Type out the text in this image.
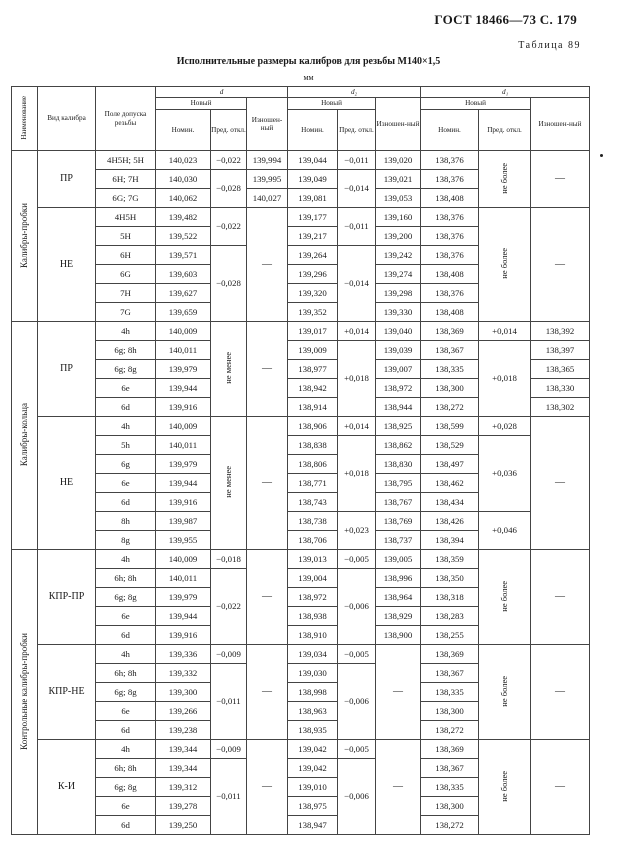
ГОСТ 18466—73 С. 179
Таблица 89
Исполнительные размеры калибров для резьбы М140×1,5
мм
Наименование	Вид калибра	Поле допуска резьбы	d			d₂			d₁		
			Новый		Изношен-ный	Новый		Изношен-ный	Новый		Изношен-ный
			Номин.	Пред. откл.		Номин.	Пред. откл.		Номин.	Пред. откл.	
Калибры-пробки	ПР	4H5H; 5H	140,023	−0,022	139,994	139,044	−0,011	139,020	138,376	не более	—
		6H; 7H	140,030	−0,028	139,995	139,049	−0,014	139,021	138,376		
		6G; 7G	140,062		140,027	139,081		139,053	138,408		
	НЕ	4H5H	139,482	−0,022	—	139,177	−0,011	139,160	138,376	не более	—
		5H	139,522			139,217		139,200	138,376		
		6H	139,571	−0,028		139,264	−0,014	139,242	138,376		
		6G	139,603			139,296		139,274	138,408		
		7H	139,627			139,320		139,298	138,376		
		7G	139,659			139,352		139,330	138,408		
Калибры-кольца	ПР	4h	140,009	не менее	—	139,017	+0,014	139,040	138,369	+0,014	138,392
		6g; 8h	140,011			139,009	+0,018	139,039	138,367	+0,018	138,397
		6g; 8g	139,979			138,977		139,007	138,335		138,365
		6e	139,944			138,942		138,972	138,300		138,330
		6d	139,916			138,914		138,944	138,272		138,302
	НЕ	4h	140,009	не менее	—	138,906	+0,014	138,925	138,599	+0,028	—
		5h	140,011			138,838	+0,018	138,862	138,529	+0,036	
		6g	139,979			138,806		138,830	138,497		
		6e	139,944			138,771		138,795	138,462		
		6d	139,916			138,743		138,767	138,434		
		8h	139,987			138,738	+0,023	138,769	138,426	+0,046	
		8g	139,955			138,706		138,737	138,394		
Контрольные калибры-пробки	КПР-ПР	4h	140,009	−0,018	—	139,013	−0,005	139,005	138,359	не более	—
		6h; 8h	140,011	−0,022		139,004	−0,006	138,996	138,350		
		6g; 8g	139,979			138,972		138,964	138,318		
		6e	139,944			138,938		138,929	138,283		
		6d	139,916			138,910		138,900	138,255		
	КПР-НЕ	4h	139,336	−0,009	—	139,034	−0,005	—	138,369	не более	—
		6h; 8h	139,332	−0,011		139,030	−0,006		138,367		
		6g; 8g	139,300			138,998			138,335		
		6e	139,266			138,963			138,300		
		6d	139,238			138,935			138,272		
	К-И	4h	139,344	−0,009	—	139,042	−0,005	—	138,369	не более	—
		6h; 8h	139,344	−0,011		139,042	−0,006		138,367		
		6g; 8g	139,312			139,010			138,335		
		6e	139,278			138,975			138,300		
		6d	139,250			138,947			138,272		
